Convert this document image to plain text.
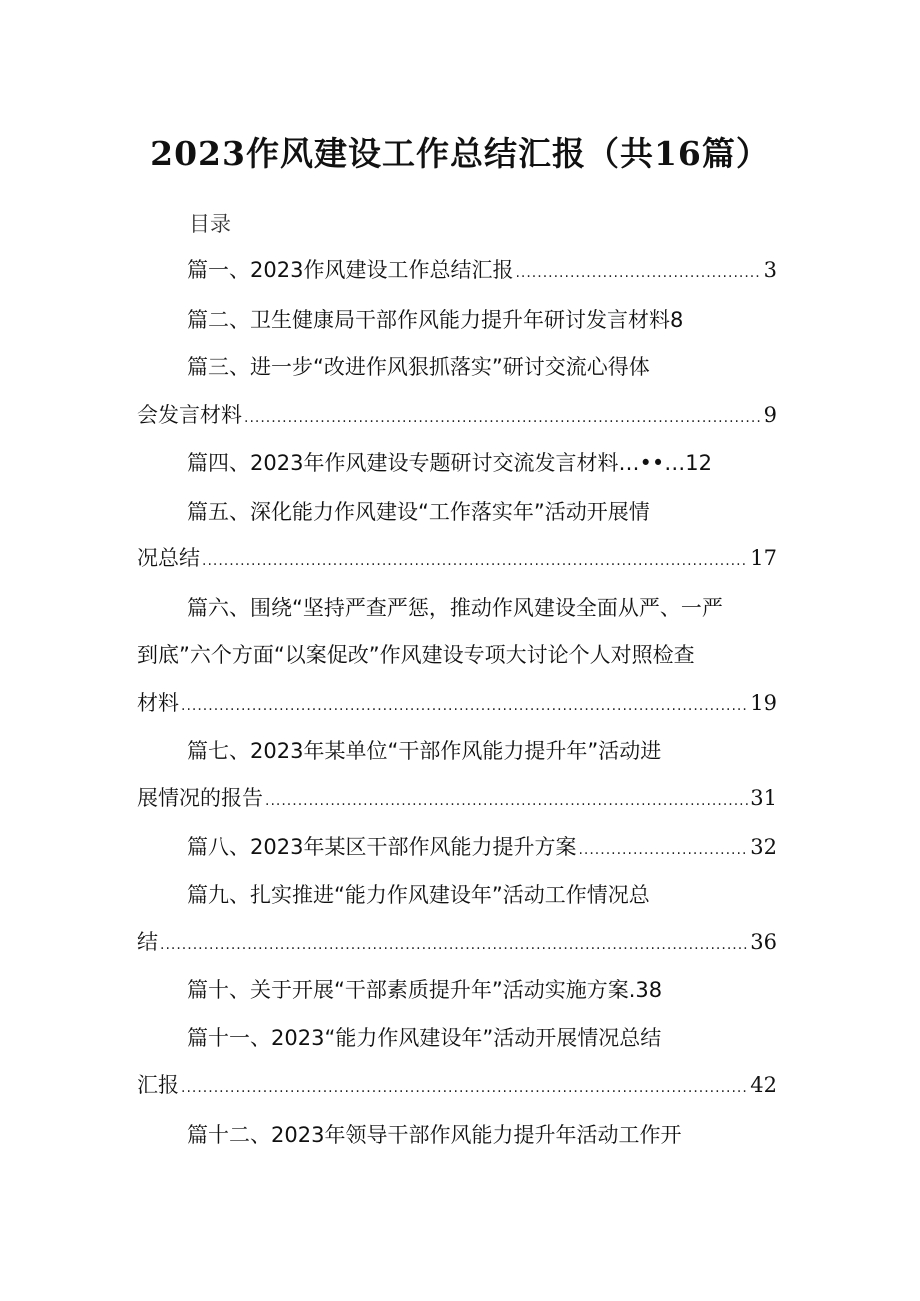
2023作风建设工作总结汇报（共16篇）
目录
篇一、2023作风建设工作总结汇报 .....	3
篇二、卫生健康局干部作风能力提升年研讨发言材料8
篇三、进一步“改进作风狠抓落实”研讨交流心得体
会发言材料 .....	9
篇四、2023年作风建设专题研讨交流发言材料…••…12
篇五、深化能力作风建设“工作落实年”活动开展情
况总结 .....	17
篇六、围绕“坚持严查严惩，推动作风建设全面从严、一严
到底”六个方面“以案促改”作风建设专项大讨论个人对照检查
材料 .....	19
篇七、2023年某单位“干部作风能力提升年”活动进
展情况的报告 .....	31
篇八、2023年某区干部作风能力提升方案 .....	32
篇九、扎实推进“能力作风建设年”活动工作情况总
结 .....	36
篇十、关于开展“干部素质提升年”活动实施方案.38
篇十一、2023“能力作风建设年”活动开展情况总结
汇报 .....	42
篇十二、2023年领导干部作风能力提升年活动工作开
